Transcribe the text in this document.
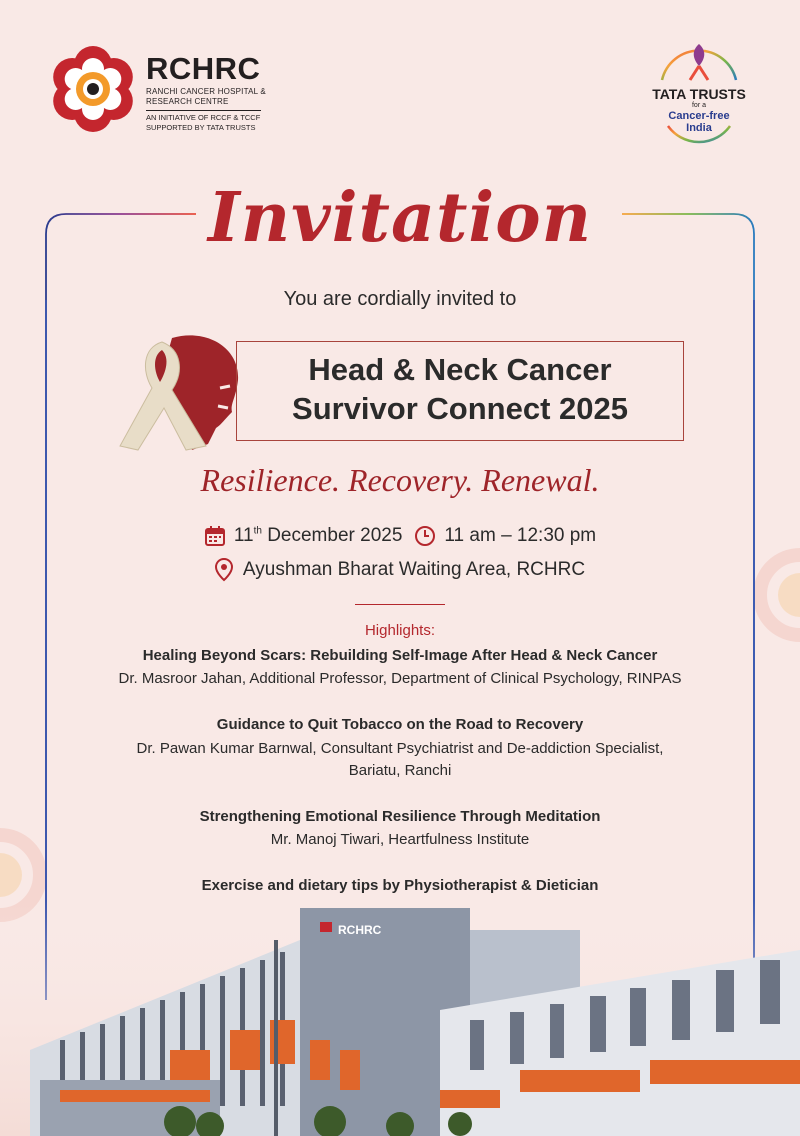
RCHRC
RANCHI CANCER HOSPITAL &
RESEARCH CENTRE
AN INITIATIVE OF RCCF & TCCF
SUPPORTED BY TATA TRUSTS
TATA TRUSTS
for a
Cancer-free
India
Invitation
You are cordially invited to
Head & Neck Cancer
Survivor Connect 2025
Resilience. Recovery. Renewal.
11th December 2025 11 am – 12:30 pm
Ayushman Bharat Waiting Area, RCHRC
Highlights:
Healing Beyond Scars: Rebuilding Self-Image After Head & Neck Cancer
Dr. Masroor Jahan, Additional Professor, Department of Clinical Psychology, RINPAS
Guidance to Quit Tobacco on the Road to Recovery
Dr. Pawan Kumar Barnwal, Consultant Psychiatrist and De-addiction Specialist,
Bariatu, Ranchi
Strengthening Emotional Resilience Through Meditation
Mr. Manoj Tiwari, Heartfulness Institute
Exercise and dietary tips by Physiotherapist & Dietician
RCHRC
